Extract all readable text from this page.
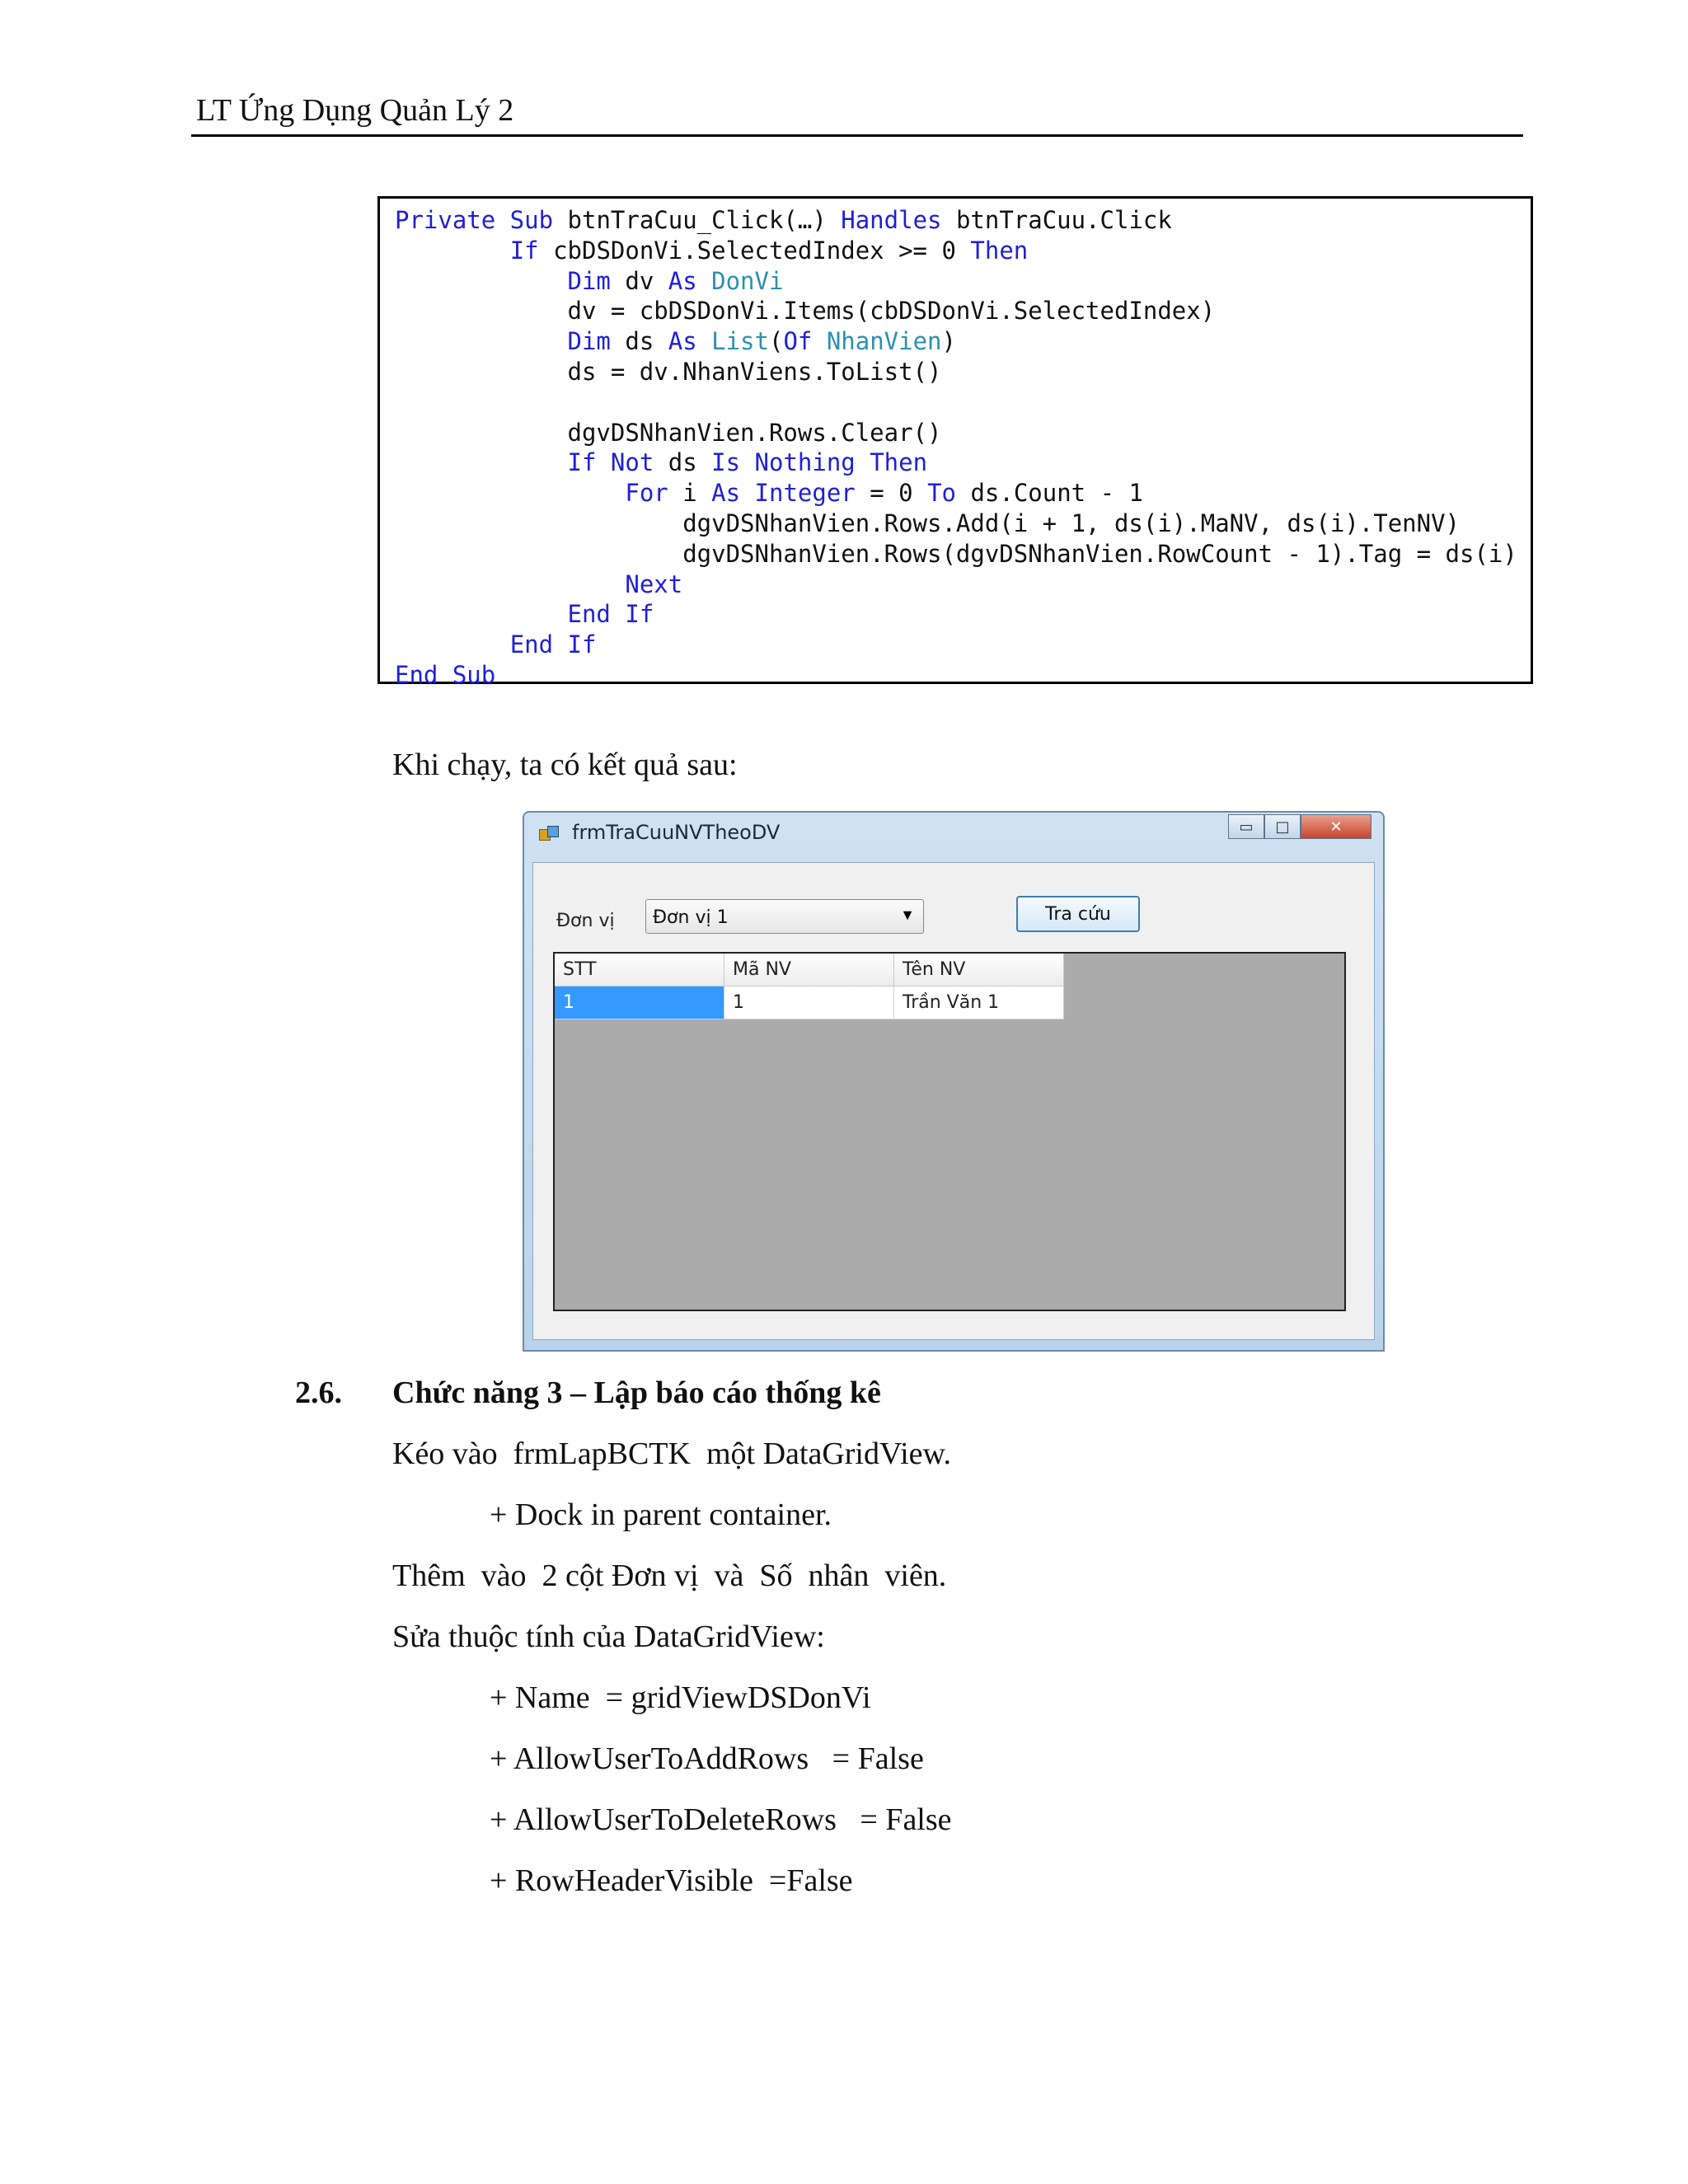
LT Ứng Dụng Quản Lý 2
Private Sub btnTraCuu_Click(…) Handles btnTraCuu.Click
If cbDSDonVi.SelectedIndex >= 0 Then
Dim dv As DonVi
dv = cbDSDonVi.Items(cbDSDonVi.SelectedIndex)
Dim ds As List(Of NhanVien)
ds = dv.NhanViens.ToList()
dgvDSNhanVien.Rows.Clear()
If Not ds Is Nothing Then
For i As Integer = 0 To ds.Count - 1
dgvDSNhanVien.Rows.Add(i + 1, ds(i).MaNV, ds(i).TenNV)
dgvDSNhanVien.Rows(dgvDSNhanVien.RowCount - 1).Tag = ds(i)
Next
End If
End If
End Sub
Khi chạy, ta có kết quả sau:
frmTraCuuNVTheoDV	▭	□	✕
Đơn vị Đơn vị 1	▼	Tra cứu
STT	Mã NV	Tên NV
1	1	Trần Văn 1
2.6. Chức năng 3 – Lập báo cáo thống kê
Kéo vào  frmLapBCTK  một DataGridView.
+ Dock in parent container.
Thêm  vào  2 cột Đơn vị  và  Số  nhân  viên.
Sửa thuộc tính của DataGridView:
+ Name  = gridViewDSDonVi
+ AllowUserToAddRows   = False
+ AllowUserToDeleteRows   = False
+ RowHeaderVisible  =False
